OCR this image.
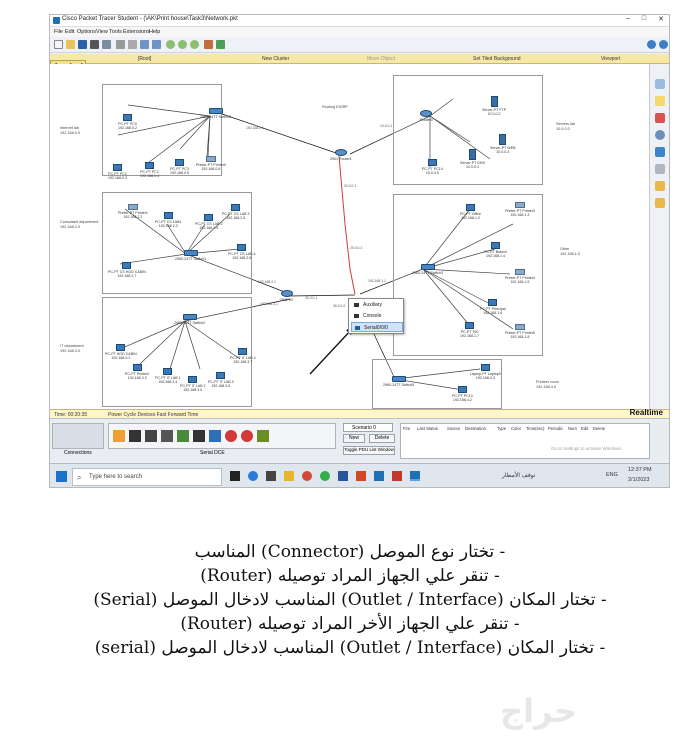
Cisco Packet Tracer Student - (\AK\Print house\Task3\Network.pkt	–	□	✕
File Edit Options View Tools Extensions Help
[Root]	New Cluster	Move Object	Set Tiled Background	Viewport
Internet lab
192.168.0.0
Consultant department
192.168.2.0
IT department
192.168.3.0
Servers lab
10.0.0.0
Other
192.168.1.0
Printers room
192.168.4.0
Routing EIGRP
PC-PT PC0
192.168.0.2
PC-PT PC1
192.168.0.3
PC-PT PC2
192.168.0.4
PC-PT PC3
192.168.0.5
2960-24TT Switch0
Printer-PT Printer0
192.168.0.6
2901 Router1
Router0
2911 R2
Server-PT FTP
10.0.0.2
Server-PT DNS
10.0.0.3
Server-PT WEB
10.0.0.4
PC-PT PC14
10.0.0.5
Printer-PT Printer1
192.168.2.2
PC-PT CS LAB1
192.168.2.3	PC-PT CS LAB 2
192.168.2.4
PC-PT CS LAB 3
192.168.2.5
PC-PT CS LAB 4
192.168.2.6
PC-PT CS HOD CABIN
192.168.2.7
2960-24TT Switch1
PC-PT Office
192.168.1.2
Printer-PT Printer3
192.168.1.3
PC-PT Branch
192.168.1.4
Printer-PT Printer4
192.168.1.5
PC-PT Principal
192.168.1.6
PC-PT T00
192.168.1.7
Printer-PT Printer5
192.168.1.8
2960-24TT Switch3
PC-PT HOD CABIN
192.168.3.2
PC-PT Printer2
192.168.3.3	PC-PT IT LAB 1
192.168.3.4
PC-PT IT LAB 2
192.168.3.5
PC-PT IT LAB 3
192.168.3.6
PC-PT IT LAB 4
192.168.3.7
2960-24TT Switch2
2960-24TT Switch5
PC-PT PC10
192.168.4.2
Laptop-PT Laptop0
192.168.4.3
192.168.0.1	10.0.0.1
192.168.2.1
192.168.3.1
192.168.1.1
20.0.0.1
20.0.0.2
30.0.0.1
30.0.0.2	Auxiliary
Console
Serial0/0/0
Time: 00:20:35	Power Cycle Devices Fast Forward Time	Realtime
Connections	Serial DCE
Scenario 0
New	Delete
Toggle PDU List Window
Fire Last Status Source Destination	Type Color Time(sec) Periodic Num Edit Delete
Go to Settings to activate Windows.
⌕ Type here to search	توقف الأمطار	ENG
12:37 PM
2/1/2023
- تختار نوع الموصل (Connector) المناسب
- تنقر علي الجهاز المراد توصيله (Router)
- تختار المكان (Outlet / Interface) المناسب لادخال الموصل (Serial)
- تنقر علي الجهاز الأخر المراد توصيله (Router)
- تختار المكان (Outlet / Interface) المناسب لادخال الموصل (serial)
حراج
